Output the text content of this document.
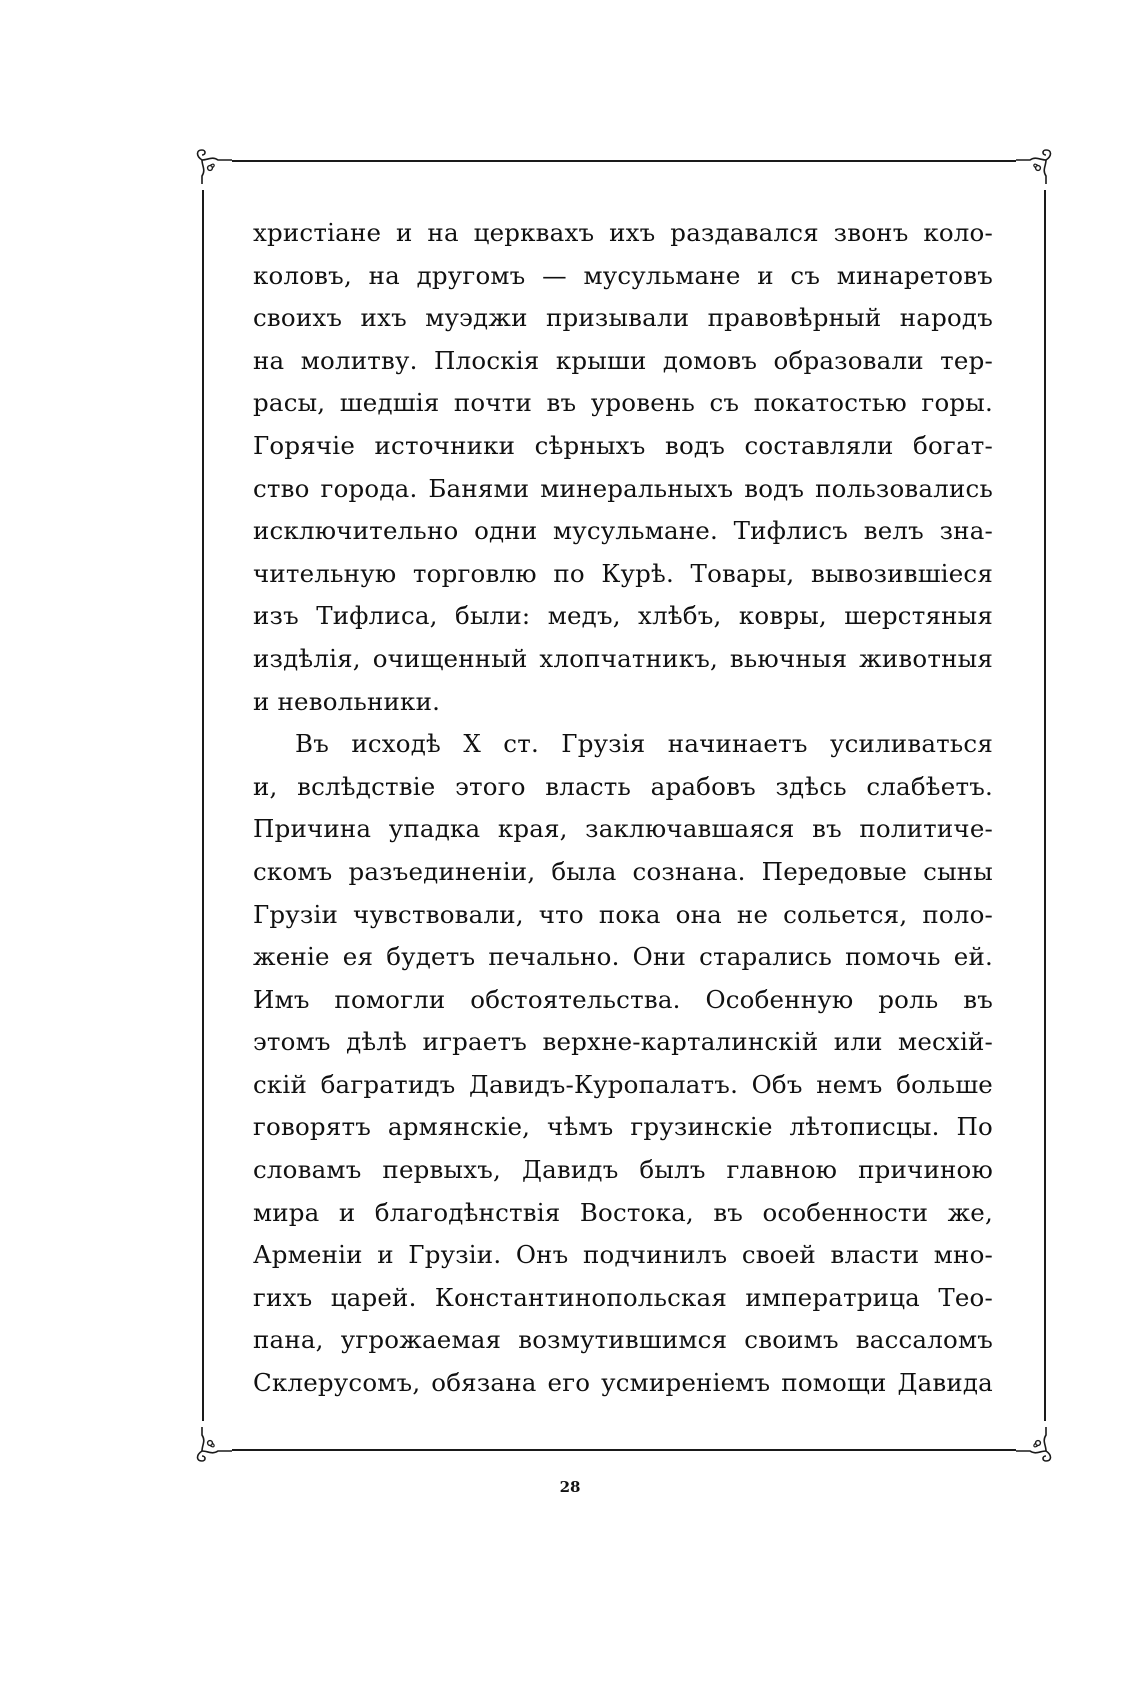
христiане и на церквахъ ихъ раздавался звонъ коло-
коловъ, на другомъ — мусульмане и съ минаретовъ
своихъ ихъ муэджи призывали правовѣрный народъ
на молитву. Плоскiя крыши домовъ образовали тер-
расы, шедшiя почти въ уровень съ покатостью горы.
Горячiе источники сѣрныхъ водъ составляли богат-
ство города. Банями минеральныхъ водъ пользовались
исключительно одни мусульмане. Тифлисъ велъ зна-
чительную торговлю по Курѣ. Товары, вывозившiеся
изъ Тифлиса, были: медъ, хлѣбъ, ковры, шерстяныя
издѣлiя, очищенный хлопчатникъ, вьючныя животныя
и невольники.
Въ исходѣ X ст. Грузiя начинаетъ усиливаться
и, вслѣдствiе этого власть арабовъ здѣсь слабѣетъ.
Причина упадка края, заключавшаяся въ политиче-
скомъ разъединенiи, была сознана. Передовые сыны
Грузiи чувствовали, что пока она не сольется, поло-
женiе ея будетъ печально. Они старались помочь ей.
Имъ помогли обстоятельства. Особенную роль въ
этомъ дѣлѣ играетъ верхне-карталинскiй или месхiй-
скiй багратидъ Давидъ-Куропалатъ. Объ немъ больше
говорятъ армянскiе, чѣмъ грузинскiе лѣтописцы. По
словамъ первыхъ, Давидъ былъ главною причиною
мира и благодѣнствiя Востока, въ особенности же,
Арменiи и Грузiи. Онъ подчинилъ своей власти мно-
гихъ царей. Константинопольская императрица Тео-
пана, угрожаемая возмутившимся своимъ вассаломъ
Склерусомъ, обязана его усмиренiемъ помощи Давида
28
